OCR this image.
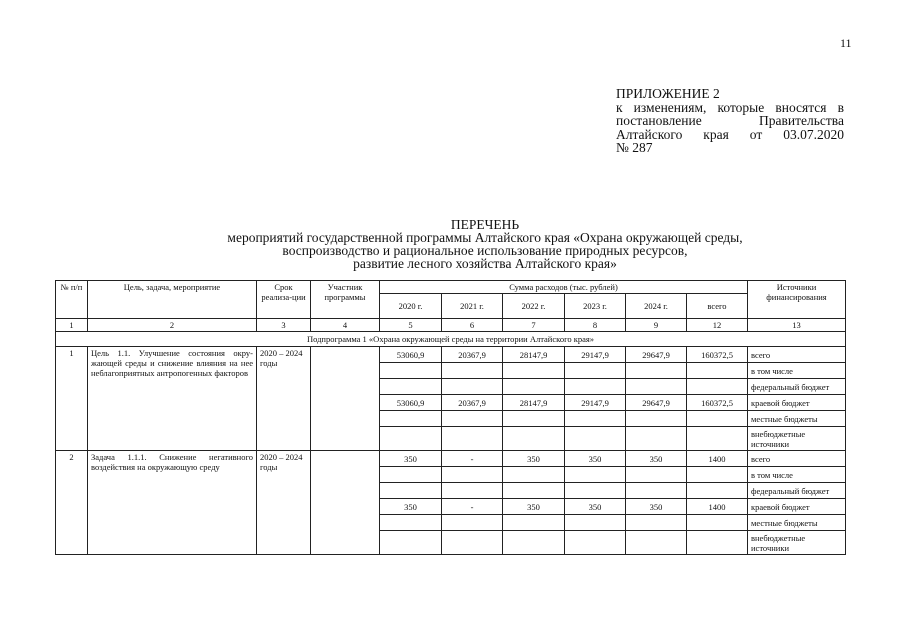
11
ПРИЛОЖЕНИЕ 2
к изменениям, которые вносятся в
постановление Правительства
Алтайского края от 03.07.2020
№ 287
ПЕРЕЧЕНЬ
мероприятий государственной программы Алтайского края «Охрана окружающей среды,
воспроизводство и рациональное использование природных ресурсов,
развитие лесного хозяйства Алтайского края»
№ п/п	Цель, задача, мероприятие	Срок реализа-ции	Участник программы	Сумма расходов (тыс. рублей)						Источники финансирования
				2020 г.	2021 г.	2022 г.	2023 г.	2024 г.	всего	
1	2	3	4	5	6	7	8	9	12	13
Подпрограмма 1 «Охрана окружающей среды на территории Алтайского края»										
1	Цель 1.1. Улучшение состояния окру-жающей среды и снижение влияния на нее неблагоприятных антропогенных факторов	2020 – 2024 годы		53060,9	20367,9	28147,9	29147,9	29647,9	160372,5	всего
										в том числе
										федеральный бюджет
				53060,9	20367,9	28147,9	29147,9	29647,9	160372,5	краевой бюджет
										местные бюджеты
										внебюджетные источники
2	Задача 1.1.1. Снижение негативного воздействия на окружающую среду	2020 – 2024 годы		350	-	350	350	350	1400	всего
										в том числе
										федеральный бюджет
				350	-	350	350	350	1400	краевой бюджет
										местные бюджеты
										внебюджетные источники
